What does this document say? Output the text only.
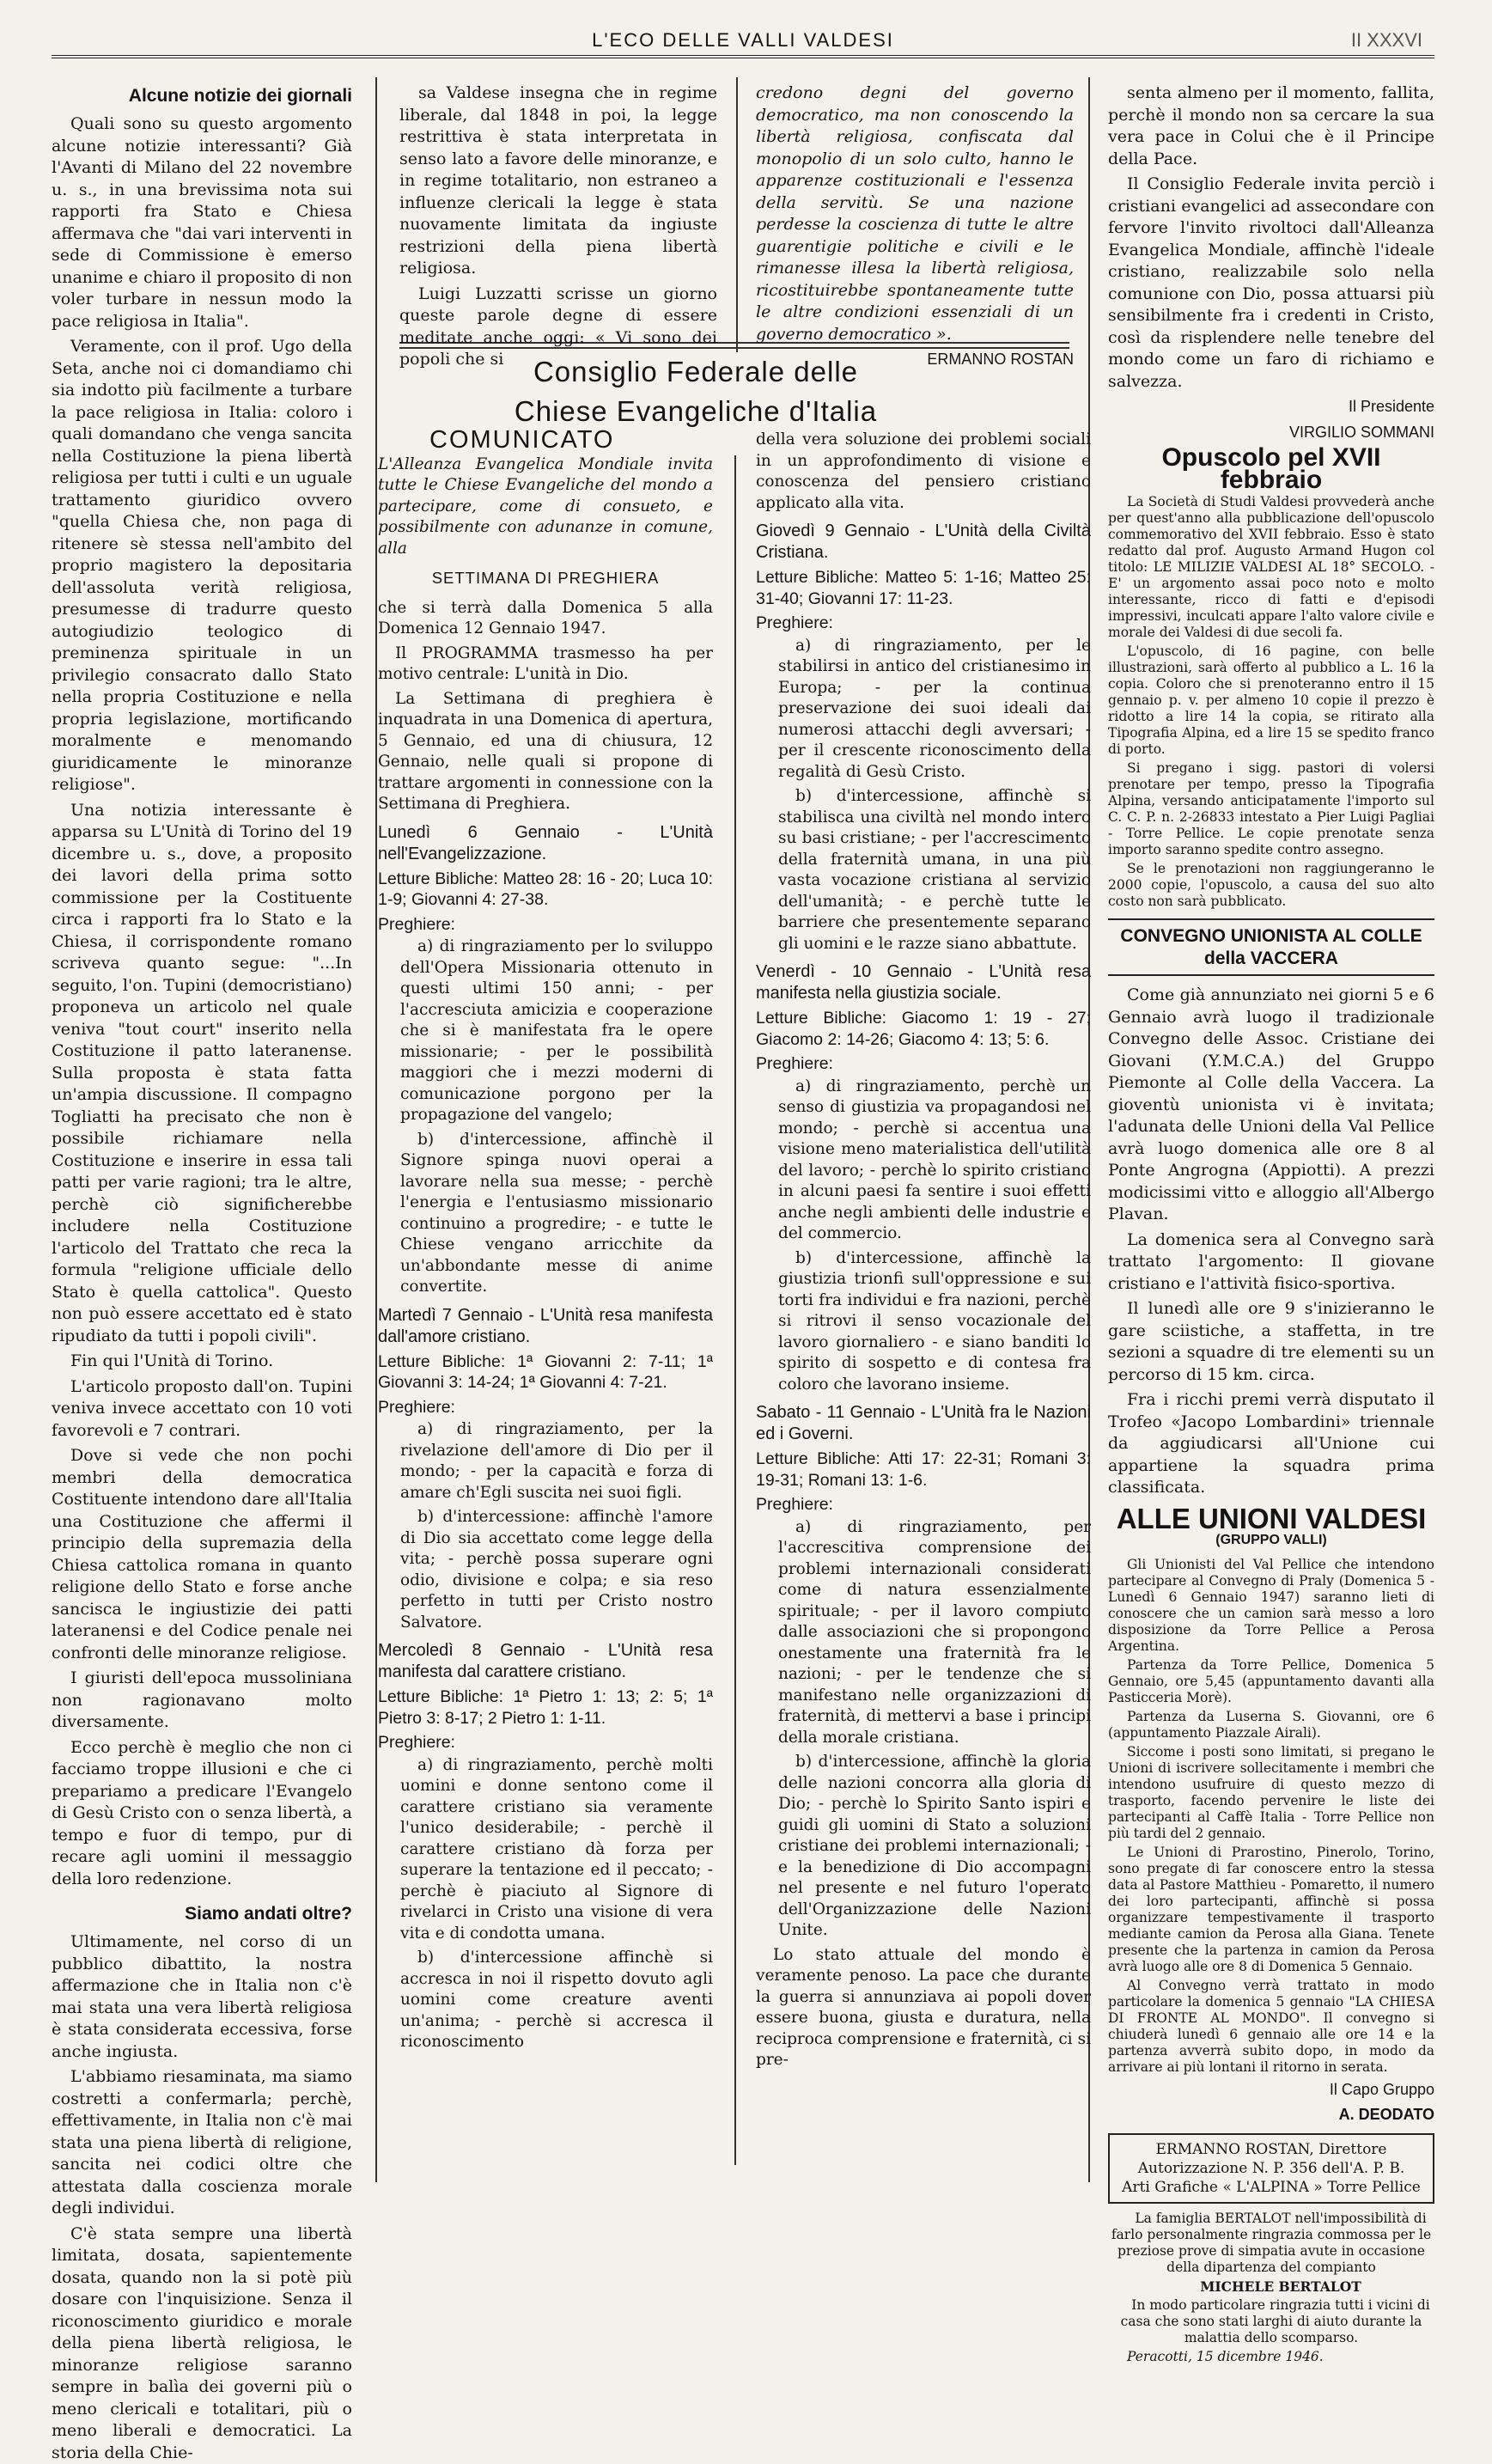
L'ECO DELLE VALLI VALDESI	II XXXVI
Alcune notizie dei giornali

Quali sono su questo argomento alcune notizie interessanti? Già l'Avanti di Milano del 22 novembre u. s., in una brevissima nota sui rapporti fra Stato e Chiesa affermava che "dai vari interventi in sede di Commissione è emerso unanime e chiaro il proposito di non voler turbare in nessun modo la pace religiosa in Italia".

Veramente, con il prof. Ugo della Seta, anche noi ci domandiamo chi sia indotto più facilmente a turbare la pace religiosa in Italia: coloro i quali domandano che venga sancita nella Costituzione la piena libertà religiosa per tutti i culti e un uguale trattamento giuridico ovvero "quella Chiesa che, non paga di ritenere sè stessa nell'ambito del proprio magistero la depositaria dell'assoluta verità religiosa, presumesse di tradurre questo autogiudizio teologico di preminenza spirituale in un privilegio consacrato dallo Stato nella propria Costituzione e nella propria legislazione, mortificando moralmente e menomando giuridicamente le minoranze religiose".

Una notizia interessante è apparsa su L'Unità di Torino del 19 dicembre u. s., dove, a proposito dei lavori della prima sotto commissione per la Costituente circa i rapporti fra lo Stato e la Chiesa, il corrispondente romano scriveva quanto segue: "...In seguito, l'on. Tupini (democristiano) proponeva un articolo nel quale veniva "tout court" inserito nella Costituzione il patto lateranense. Sulla proposta è stata fatta un'ampia discussione. Il compagno Togliatti ha precisato che non è possibile richiamare nella Costituzione e inserire in essa tali patti per varie ragioni; tra le altre, perchè ciò significherebbe includere nella Costituzione l'articolo del Trattato che reca la formula "religione ufficiale dello Stato è quella cattolica". Questo non può essere accettato ed è stato ripudiato da tutti i popoli civili".

Fin qui l'Unità di Torino.

L'articolo proposto dall'on. Tupini veniva invece accettato con 10 voti favorevoli e 7 contrari.

Dove si vede che non pochi membri della democratica Costituente intendono dare all'Italia una Costituzione che affermi il principio della supremazia della Chiesa cattolica romana in quanto religione dello Stato e forse anche sancisca le ingiustizie dei patti lateranensi e del Codice penale nei confronti delle minoranze religiose.

I giuristi dell'epoca mussoliniana non ragionavano molto diversamente.

Ecco perchè è meglio che non ci facciamo troppe illusioni e che ci prepariamo a predicare l'Evangelo di Gesù Cristo con o senza libertà, a tempo e fuor di tempo, pur di recare agli uomini il messaggio della loro redenzione.

Siamo andati oltre?

Ultimamente, nel corso di un pubblico dibattito, la nostra affermazione che in Italia non c'è mai stata una vera libertà religiosa è stata considerata eccessiva, forse anche ingiusta.

L'abbiamo riesaminata, ma siamo costretti a confermarla; perchè, effettivamente, in Italia non c'è mai stata una piena libertà di religione, sancita nei codici oltre che attestata dalla coscienza morale degli individui.

C'è stata sempre una libertà limitata, dosata, sapientemente dosata, quando non la si potè più dosare con l'inquisizione. Senza il riconoscimento giuridico e morale della piena libertà religiosa, le minoranze religiose saranno sempre in balìa dei governi più o meno clericali e totalitari, più o meno liberali e democratici. La storia della Chie-

sa Valdese insegna che in regime liberale, dal 1848 in poi, la legge restrittiva è stata interpretata in senso lato a favore delle minoranze, e in regime totalitario, non estraneo a influenze clericali la legge è stata nuovamente limitata da ingiuste restrizioni della piena libertà religiosa.

Luigi Luzzatti scrisse un giorno queste parole degne di essere meditate anche oggi: « Vi sono dei popoli che si

credono degni del governo democratico, ma non conoscendo la libertà religiosa, confiscata dal monopolio di un solo culto, hanno le apparenze costituzionali e l'essenza della servitù. Se una nazione perdesse la coscienza di tutte le altre guarentigie politiche e civili e le rimanesse illesa la libertà religiosa, ricostituirebbe spontaneamente tutte le altre condizioni essenziali di un governo democratico ».

ERMANNO ROSTAN
Consiglio Federale delle
Chiese Evangeliche d'Italia
COMUNICATO

L'Alleanza Evangelica Mondiale invita tutte le Chiese Evangeliche del mondo a partecipare, come di consueto, e possibilmente con adunanze in comune, alla

SETTIMANA DI PREGHIERA

che si terrà dalla Domenica 5 alla Domenica 12 Gennaio 1947.

Il PROGRAMMA trasmesso ha per motivo centrale: L'unità in Dio.

La Settimana di preghiera è inquadrata in una Domenica di apertura, 5 Gennaio, ed una di chiusura, 12 Gennaio, nelle quali si propone di trattare argomenti in connessione con la Settimana di Preghiera.

Lunedì 6 Gennaio - L'Unità nell'Evangelizzazione.
Letture Bibliche: Matteo 28: 16 - 20; Luca 10: 1-9; Giovanni 4: 27-38.
Preghiere:

a) di ringraziamento per lo sviluppo dell'Opera Missionaria ottenuto in questi ultimi 150 anni; - per l'accresciuta amicizia e cooperazione che si è manifestata fra le opere missionarie; - per le possibilità maggiori che i mezzi moderni di comunicazione porgono per la propagazione del vangelo;

b) d'intercessione, affinchè il Signore spinga nuovi operai a lavorare nella sua messe; - perchè l'energia e l'entusiasmo missionario continuino a progredire; - e tutte le Chiese vengano arricchite da un'abbondante messe di anime convertite.

Martedì 7 Gennaio - L'Unità resa manifesta dall'amore cristiano.
Letture Bibliche: 1ª Giovanni 2: 7-11; 1ª Giovanni 3: 14-24; 1ª Giovanni 4: 7-21.
Preghiere:

a) di ringraziamento, per la rivelazione dell'amore di Dio per il mondo; - per la capacità e forza di amare ch'Egli suscita nei suoi figli.

b) d'intercessione: affinchè l'amore di Dio sia accettato come legge della vita; - perchè possa superare ogni odio, divisione e colpa; e sia reso perfetto in tutti per Cristo nostro Salvatore.

Mercoledì 8 Gennaio - L'Unità resa manifesta dal carattere cristiano.
Letture Bibliche: 1ª Pietro 1: 13; 2: 5; 1ª Pietro 3: 8-17; 2 Pietro 1: 1-11.
Preghiere:

a) di ringraziamento, perchè molti uomini e donne sentono come il carattere cristiano sia veramente l'unico desiderabile; - perchè il carattere cristiano dà forza per superare la tentazione ed il peccato; - perchè è piaciuto al Signore di rivelarci in Cristo una visione di vera vita e di condotta umana.

b) d'intercessione affinchè si accresca in noi il rispetto dovuto agli uomini come creature aventi un'anima; - perchè si accresca il riconoscimento

della vera soluzione dei problemi sociali in un approfondimento di visione e conoscenza del pensiero cristiano applicato alla vita.

Giovedì 9 Gennaio - L'Unità della Civiltà Cristiana.
Letture Bibliche: Matteo 5: 1-16; Matteo 25: 31-40; Giovanni 17: 11-23.
Preghiere:

a) di ringraziamento, per le stabilirsi in antico del cristianesimo in Europa; - per la continua preservazione dei suoi ideali dai numerosi attacchi degli avversari; - per il crescente riconoscimento della regalità di Gesù Cristo.

b) d'intercessione, affinchè si stabilisca una civiltà nel mondo intero su basi cristiane; - per l'accrescimento della fraternità umana, in una più vasta vocazione cristiana al servizio dell'umanità; - e perchè tutte le barriere che presentemente separano gli uomini e le razze siano abbattute.

Venerdì - 10 Gennaio - L'Unità resa manifesta nella giustizia sociale.
Letture Bibliche: Giacomo 1: 19 - 27; Giacomo 2: 14-26; Giacomo 4: 13; 5: 6.
Preghiere:

a) di ringraziamento, perchè un senso di giustizia va propagandosi nel mondo; - perchè si accentua una visione meno materialistica dell'utilità del lavoro; - perchè lo spirito cristiano in alcuni paesi fa sentire i suoi effetti anche negli ambienti delle industrie e del commercio.

b) d'intercessione, affinchè la giustizia trionfi sull'oppressione e sui torti fra individui e fra nazioni, perchè si ritrovi il senso vocazionale del lavoro giornaliero - e siano banditi lo spirito di sospetto e di contesa fra coloro che lavorano insieme.

Sabato - 11 Gennaio - L'Unità fra le Nazioni ed i Governi.
Letture Bibliche: Atti 17: 22-31; Romani 3: 19-31; Romani 13: 1-6.
Preghiere:

a) di ringraziamento, per l'accrescitiva comprensione dei problemi internazionali considerati come di natura essenzialmente spirituale; - per il lavoro compiuto dalle associazioni che si propongono onestamente una fraternità fra le nazioni; - per le tendenze che si manifestano nelle organizzazioni di fraternità, di mettervi a base i principi della morale cristiana.

b) d'intercessione, affinchè la gloria delle nazioni concorra alla gloria di Dio; - perchè lo Spirito Santo ispiri e guidi gli uomini di Stato a soluzioni cristiane dei problemi internazionali; - e la benedizione di Dio accompagni nel presente e nel futuro l'operato dell'Organizzazione delle Nazioni Unite.

Lo stato attuale del mondo è veramente penoso. La pace che durante la guerra si annunziava ai popoli dover essere buona, giusta e duratura, nella reciproca comprensione e fraternità, ci si pre-

senta almeno per il momento, fallita, perchè il mondo non sa cercare la sua vera pace in Colui che è il Principe della Pace.

Il Consiglio Federale invita perciò i cristiani evangelici ad assecondare con fervore l'invito rivoltoci dall'Alleanza Evangelica Mondiale, affinchè l'ideale cristiano, realizzabile solo nella comunione con Dio, possa attuarsi più sensibilmente fra i credenti in Cristo, così da risplendere nelle tenebre del mondo come un faro di richiamo e salvezza.

Il Presidente
VIRGILIO SOMMANI
Opuscolo pel XVII febbraio

La Società di Studi Valdesi provvederà anche per quest'anno alla pubblicazione dell'opuscolo commemorativo del XVII febbraio. Esso è stato redatto dal prof. Augusto Armand Hugon col titolo: LE MILIZIE VALDESI AL 18° SECOLO. - E' un argomento assai poco noto e molto interessante, ricco di fatti e d'episodi impressivi, inculcati appare l'alto valore civile e morale dei Valdesi di due secoli fa.

L'opuscolo, di 16 pagine, con belle illustrazioni, sarà offerto al pubblico a L. 16 la copia. Coloro che si prenoteranno entro il 15 gennaio p. v. per almeno 10 copie il prezzo è ridotto a lire 14 la copia, se ritirato alla Tipografia Alpina, ed a lire 15 se spedito franco di porto.

Si pregano i sigg. pastori di volersi prenotare per tempo, presso la Tipografia Alpina, versando anticipatamente l'importo sul C. C. P. n. 2-26833 intestato a Pier Luigi Pagliai - Torre Pellice. Le copie prenotate senza importo saranno spedite contro assegno.

Se le prenotazioni non raggiungeranno le 2000 copie, l'opuscolo, a causa del suo alto costo non sarà pubblicato.

CONVEGNO UNIONISTA AL COLLE della VACCERA

Come già annunziato nei giorni 5 e 6 Gennaio avrà luogo il tradizionale Convegno delle Assoc. Cristiane dei Giovani (Y.M.C.A.) del Gruppo Piemonte al Colle della Vaccera. La gioventù unionista vi è invitata; l'adunata delle Unioni della Val Pellice avrà luogo domenica alle ore 8 al Ponte Angrogna (Appiotti). A prezzi modicissimi vitto e alloggio all'Albergo Plavan.

La domenica sera al Convegno sarà trattato l'argomento: Il giovane cristiano e l'attività fisico-sportiva.

Il lunedì alle ore 9 s'inizieranno le gare sciistiche, a staffetta, in tre sezioni a squadre di tre elementi su un percorso di 15 km. circa.

Fra i ricchi premi verrà disputato il Trofeo «Jacopo Lombardini» triennale da aggiudicarsi all'Unione cui appartiene la squadra prima classificata.

ALLE UNIONI VALDESI
(GRUPPO VALLI)

Gli Unionisti del Val Pellice che intendono partecipare al Convegno di Praly (Domenica 5 - Lunedì 6 Gennaio 1947) saranno lieti di conoscere che un camion sarà messo a loro disposizione da Torre Pellice a Perosa Argentina.

Partenza da Torre Pellice, Domenica 5 Gennaio, ore 5,45 (appuntamento davanti alla Pasticceria Morè).

Partenza da Luserna S. Giovanni, ore 6 (appuntamento Piazzale Airali).

Siccome i posti sono limitati, si pregano le Unioni di iscrivere sollecitamente i membri che intendono usufruire di questo mezzo di trasporto, facendo pervenire le liste dei partecipanti al Caffè Italia - Torre Pellice non più tardi del 2 gennaio.

Le Unioni di Prarostino, Pinerolo, Torino, sono pregate di far conoscere entro la stessa data al Pastore Matthieu - Pomaretto, il numero dei loro partecipanti, affinchè si possa organizzare tempestivamente il trasporto mediante camion da Perosa alla Giana. Tenete presente che la partenza in camion da Perosa avrà luogo alle ore 8 di Domenica 5 Gennaio.

Al Convegno verrà trattato in modo particolare la domenica 5 gennaio "LA CHIESA DI FRONTE AL MONDO". Il convegno si chiuderà lunedì 6 gennaio alle ore 14 e la partenza avverrà subito dopo, in modo da arrivare ai più lontani il ritorno in serata.

Il Capo Gruppo
A. DEODATO
ERMANNO ROSTAN, Direttore
Autorizzazione N. P. 356 dell'A. P. B.
Arti Grafiche « L'ALPINA » Torre Pellice

La famiglia BERTALOT nell'impossibilità di farlo personalmente ringrazia commossa per le preziose prove di simpatia avute in occasione della dipartenza del compianto

MICHELE BERTALOT

In modo particolare ringrazia tutti i vicini di casa che sono stati larghi di aiuto durante la malattia dello scomparso.

Peracotti, 15 dicembre 1946.
